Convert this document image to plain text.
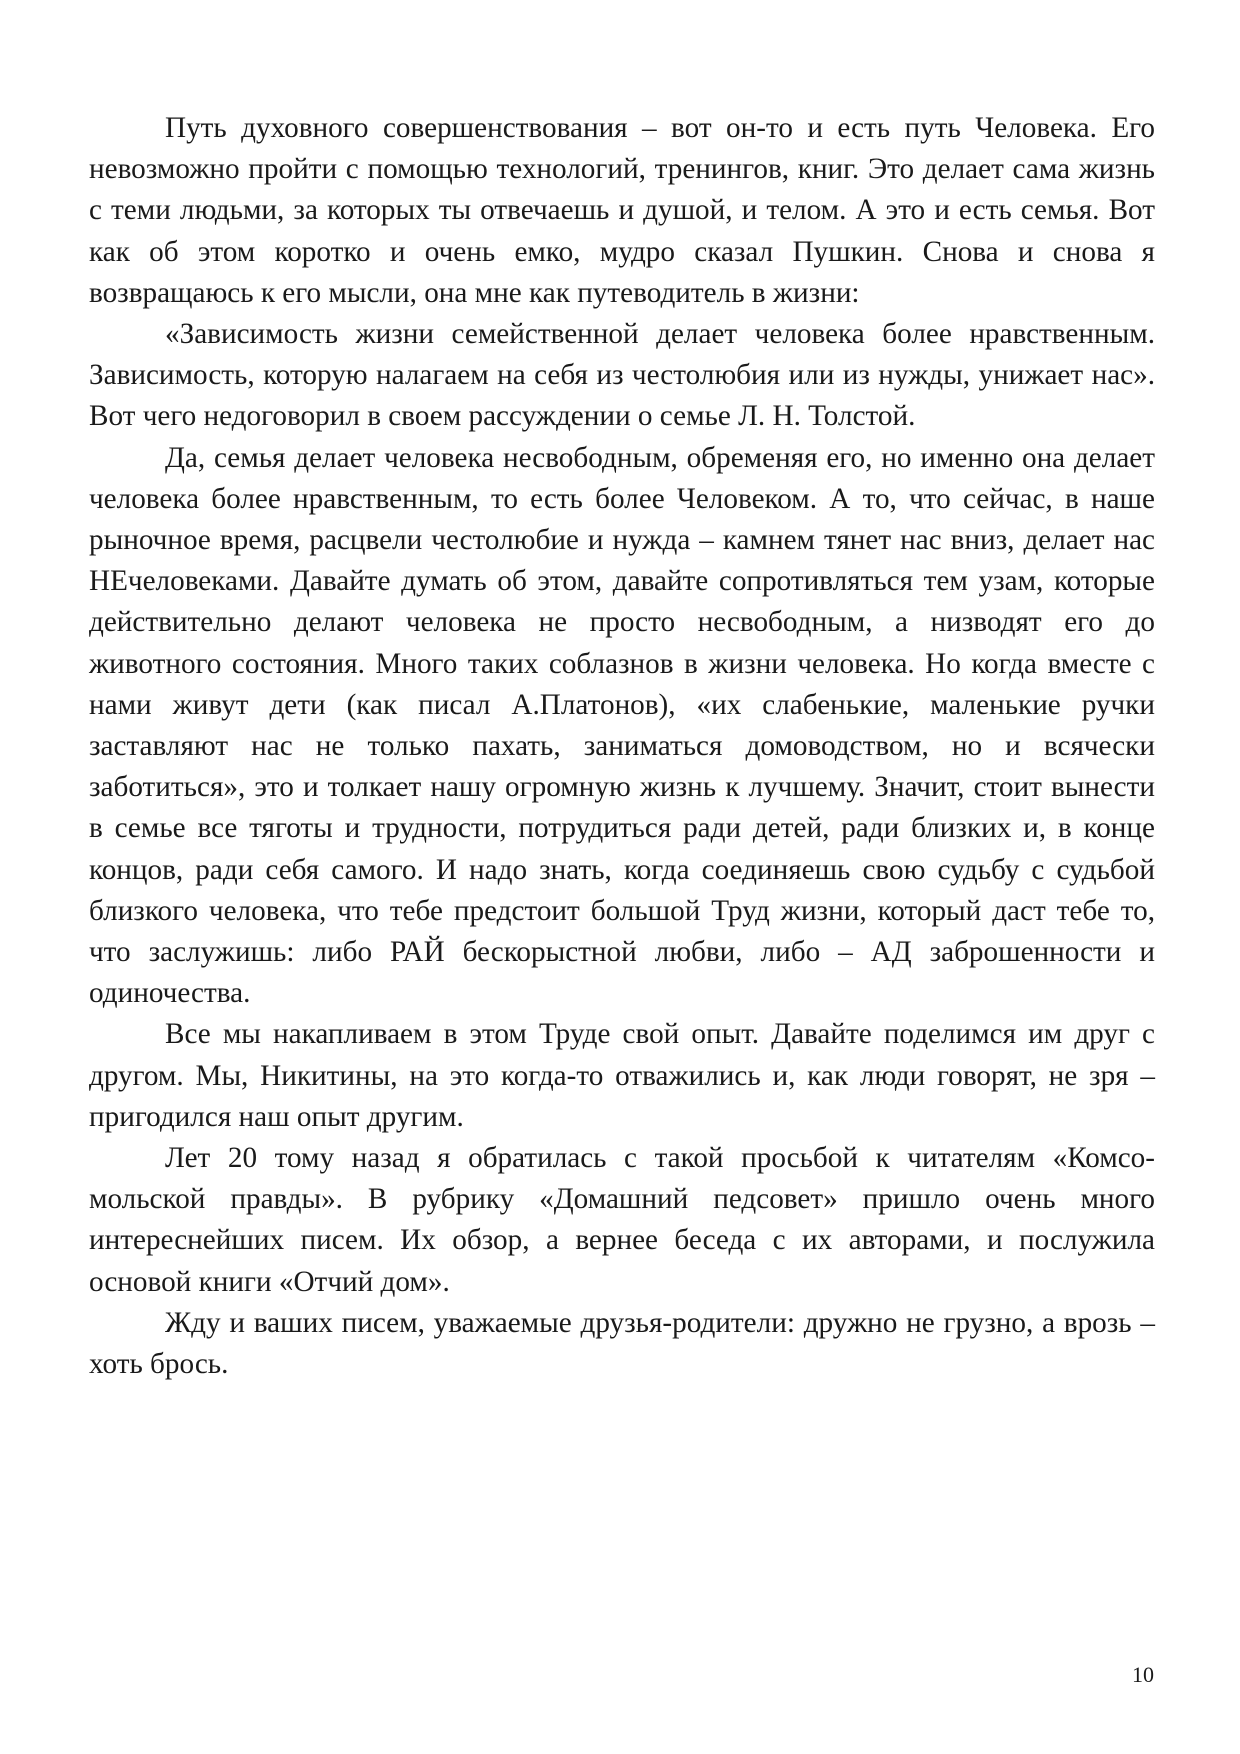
Путь духовного совершенствования – вот он-то и есть путь Человека. Его невозможно пройти с помощью технологий, тренингов, книг. Это делает сама жизнь с теми людьми, за которых ты отвечаешь и душой, и телом. А это и есть семья. Вот как об этом коротко и очень емко, мудро сказал Пушкин. Снова и снова я возвращаюсь к его мысли, она мне как путеводитель в жизни:

«Зависимость жизни семейственной делает человека более нравственным. Зависимость, которую налагаем на себя из честолюбия или из нужды, унижает нас». Вот чего недоговорил в своем рассуждении о семье Л. Н. Толстой.

Да, семья делает человека несвободным, обременяя его, но именно она делает человека более нравственным, то есть более Человеком. А то, что сейчас, в наше рыночное время, расцвели честолюбие и нужда – камнем тянет нас вниз, делает нас НЕчеловеками. Давайте думать об этом, давайте сопротивляться тем узам, которые действительно делают человека не просто несвободным, а низводят его до животного состояния. Много таких соблазнов в жизни человека. Но когда вместе с нами живут дети (как писал А.Платонов), «их слабенькие, маленькие ручки заставляют нас не только пахать, заниматься домоводством, но и всячески заботиться», это и толкает нашу огромную жизнь к лучшему. Значит, стоит вынести в семье все тяготы и трудности, потрудиться ради детей, ради близких и, в конце концов, ради себя самого. И надо знать, когда соединяешь свою судьбу с судьбой близкого человека, что тебе предстоит большой Труд жизни, который даст тебе то, что заслужишь: либо РАЙ бескорыстной любви, либо – АД заброшенности и одиночества.

Все мы накапливаем в этом Труде свой опыт. Давайте поделимся им друг с другом. Мы, Никитины, на это когда-то отважились и, как люди говорят, не зря – пригодился наш опыт другим.

Лет 20 тому назад я обратилась с такой просьбой к читателям «Комсо-мольской правды». В рубрику «Домашний педсовет» пришло очень много интереснейших писем. Их обзор, а вернее беседа с их авторами, и послужила основой книги «Отчий дом».

Жду и ваших писем, уважаемые друзья-родители: дружно не грузно, а врозь – хоть брось.

10
